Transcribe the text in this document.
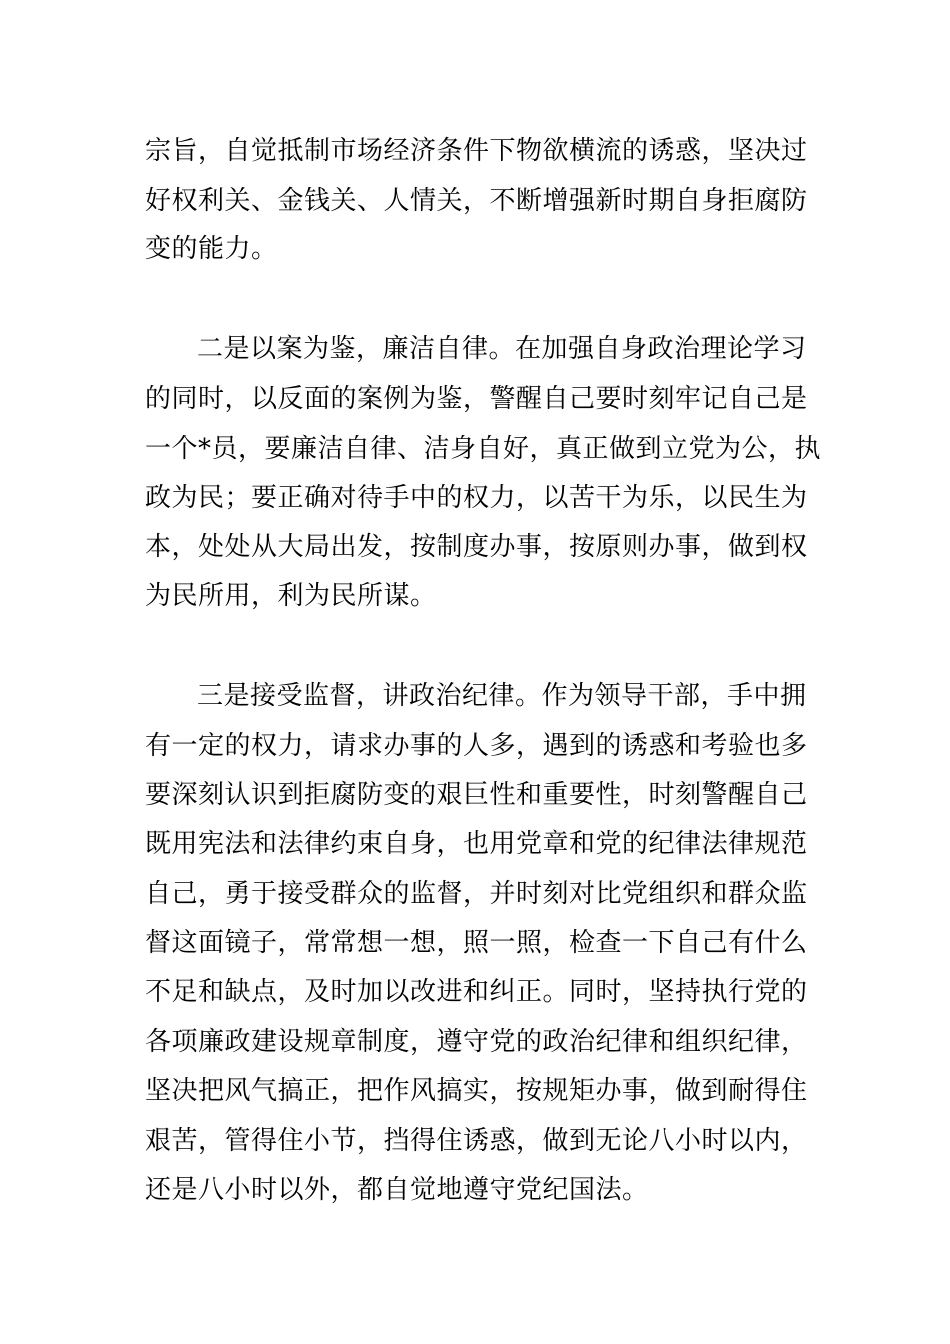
宗旨，自觉抵制市场经济条件下物欲横流的诱惑，坚决过

好权利关、金钱关、人情关，不断增强新时期自身拒腐防

变的能力。

二是以案为鉴，廉洁自律。在加强自身政治理论学习

的同时，以反面的案例为鉴，警醒自己要时刻牢记自己是

一个*员，要廉洁自律、洁身自好，真正做到立党为公，执

政为民；要正确对待手中的权力，以苦干为乐，以民生为

本，处处从大局出发，按制度办事，按原则办事，做到权

为民所用，利为民所谋。

三是接受监督，讲政治纪律。作为领导干部，手中拥

有一定的权力，请求办事的人多，遇到的诱惑和考验也多

要深刻认识到拒腐防变的艰巨性和重要性，时刻警醒自己

既用宪法和法律约束自身，也用党章和党的纪律法律规范

自己，勇于接受群众的监督，并时刻对比党组织和群众监

督这面镜子，常常想一想，照一照，检查一下自己有什么

不足和缺点，及时加以改进和纠正。同时，坚持执行党的

各项廉政建设规章制度，遵守党的政治纪律和组织纪律，

坚决把风气搞正，把作风搞实，按规矩办事，做到耐得住

艰苦，管得住小节，挡得住诱惑，做到无论八小时以内，

还是八小时以外，都自觉地遵守党纪国法。
